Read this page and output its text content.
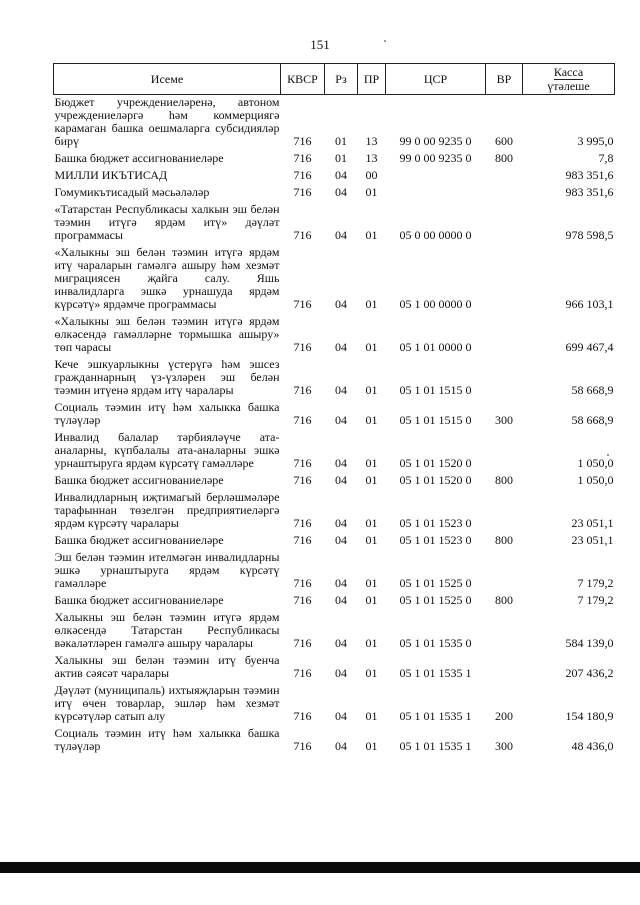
151
Исеме	КВСР	Рз	ПР	ЦСР	ВР	Касса
үтәлеше
Бюджет учреждениеләренә, автоном учреждениеләргә һәм коммерциягә карамаган башка оешмаларга субсидияләр бирү	716	01	13	99 0 00 9235 0	600	3 995,0
Башка бюджет ассигнованиеләре	716	01	13	99 0 00 9235 0	800	7,8
МИЛЛИ ИКЪТИСАД	716	04	00			983 351,6
Гомумикътисадый мәсьәләләр	716	04	01			983 351,6
«Татарстан Республикасы халкын эш белән тәэмин итүгә ярдәм итү» дәүләт программасы	716	04	01	05 0 00 0000 0		978 598,5
«Халыкны эш белән тәэмин итүгә ярдәм итү чараларын гамәлгә ашыру һәм хезмәт миграциясен җайга салу. Яшь инвалидларга эшкә урнашуда ярдәм күрсәтү» ярдәмче программасы	716	04	01	05 1 00 0000 0		966 103,1
«Халыкны эш белән тәэмин итүгә ярдәм өлкәсендә гамәлләрне тормышка ашыру» төп чарасы	716	04	01	05 1 01 0000 0		699 467,4
Кече эшкуарлыкны үстерүгә һәм эшсез гражданнарның үз-үзләрен эш белән тәэмин итүенә ярдәм итү чаралары	716	04	01	05 1 01 1515 0		58 668,9
Социаль тәэмин итү һәм халыкка башка түләүләр	716	04	01	05 1 01 1515 0	300	58 668,9
Инвалид балалар тәрбияләүче ата-аналарны, күпбалалы ата-аналарны эшкә урнаштыруга ярдәм күрсәтү гамәлләре	716	04	01	05 1 01 1520 0		1 050,0
Башка бюджет ассигнованиеләре	716	04	01	05 1 01 1520 0	800	1 050,0
Инвалидларның иҗтимагый берләшмәләре тарафыннан төзелгән предприятиеләргә ярдәм күрсәтү чаралары	716	04	01	05 1 01 1523 0		23 051,1
Башка бюджет ассигнованиеләре	716	04	01	05 1 01 1523 0	800	23 051,1
Эш белән тәэмин ителмәгән инвалидларны эшкә урнаштыруга ярдәм күрсәтү гамәлләре	716	04	01	05 1 01 1525 0		7 179,2
Башка бюджет ассигнованиеләре	716	04	01	05 1 01 1525 0	800	7 179,2
Халыкны эш белән тәэмин итүгә ярдәм өлкәсендә Татарстан Республикасы вәкаләтләрен гамәлгә ашыру чаралары	716	04	01	05 1 01 1535 0		584 139,0
Халыкны эш белән тәэмин итү буенча актив сәясәт чаралары	716	04	01	05 1 01 1535 1		207 436,2
Дәүләт (муниципаль) ихтыяҗларын тәэмин итү өчен товарлар, эшләр һәм хезмәт күрсәтүләр сатып алу	716	04	01	05 1 01 1535 1	200	154 180,9
Социаль тәэмин итү һәм халыкка башка түләүләр	716	04	01	05 1 01 1535 1	300	48 436,0
